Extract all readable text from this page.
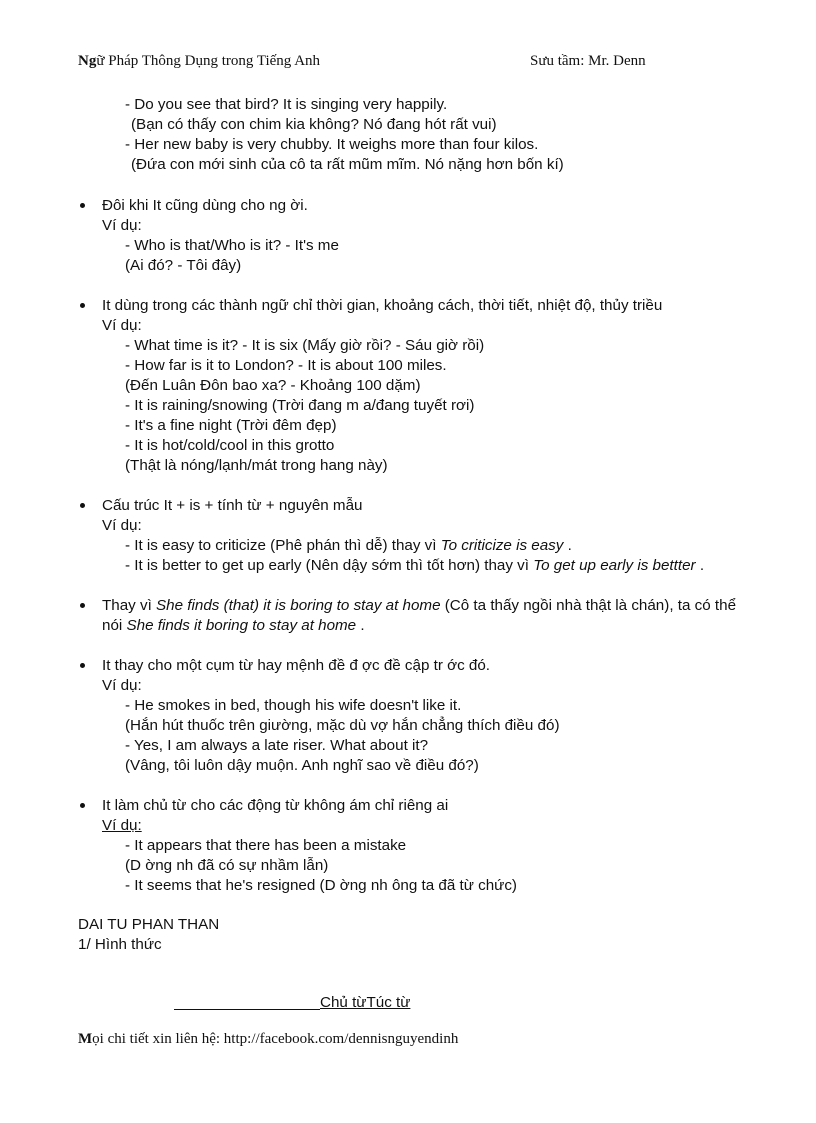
Ngữ Pháp Thông Dụng trong Tiếng Anh	Sưu tầm: Mr. Denn
- Do you see that bird? It is singing very happily.
(Bạn có thấy con chim kia không? Nó đang hót rất vui)
- Her new baby is very chubby. It weighs more than four kilos.
(Đứa con mới sinh của cô ta rất mũm mĩm. Nó nặng hơn bốn kí)
Đôi khi It cũng dùng cho ng ời.
Ví dụ:
- Who is that/Who is it? - It's me
(Ai đó? - Tôi đây)
It dùng trong các thành ngữ chỉ thời gian, khoảng cách, thời tiết, nhiệt độ, thủy triều
Ví dụ:
- What time is it? - It is six (Mấy giờ rồi? - Sáu giờ rồi)
- How far is it to London? - It is about 100 miles.
(Đến Luân Đôn bao xa? - Khoảng 100 dặm)
- It is raining/snowing (Trời đang m a/đang tuyết rơi)
- It's a fine night (Trời đêm đẹp)
- It is hot/cold/cool in this grotto
(Thật là nóng/lạnh/mát trong hang này)
Cấu trúc It + is + tính từ + nguyên mẫu
Ví dụ:
- It is easy to criticize (Phê phán thì dễ) thay vì To criticize is easy .
- It is better to get up early (Nên dậy sớm thì tốt hơn) thay vì To get up early is bettter .
Thay vì She finds (that) it is boring to stay at home (Cô ta thấy ngồi nhà thật là chán), ta có thể
nói She finds it boring to stay at home .
It thay cho một cụm từ hay mệnh đề đ ợc đề cập tr ớc đó.
Ví dụ:
- He smokes in bed, though his wife doesn't like it.
(Hắn hút thuốc trên giường, mặc dù vợ hắn chẳng thích điều đó)
- Yes, I am always a late riser. What about it?
(Vâng, tôi luôn dậy muộn. Anh nghĩ sao về điều đó?)
It làm chủ từ cho các động từ không ám chỉ riêng ai
Ví dụ:
- It appears that there has been a mistake
(D ờng nh đã có sự nhầm lẫn)
- It seems that he's resigned (D ờng nh ông ta đã từ chức)
DAI TU PHAN THAN
1/ Hình thức
Chủ từTúc từ
Mọi chi tiết xin liên hệ: http://facebook.com/dennisnguyendinh
